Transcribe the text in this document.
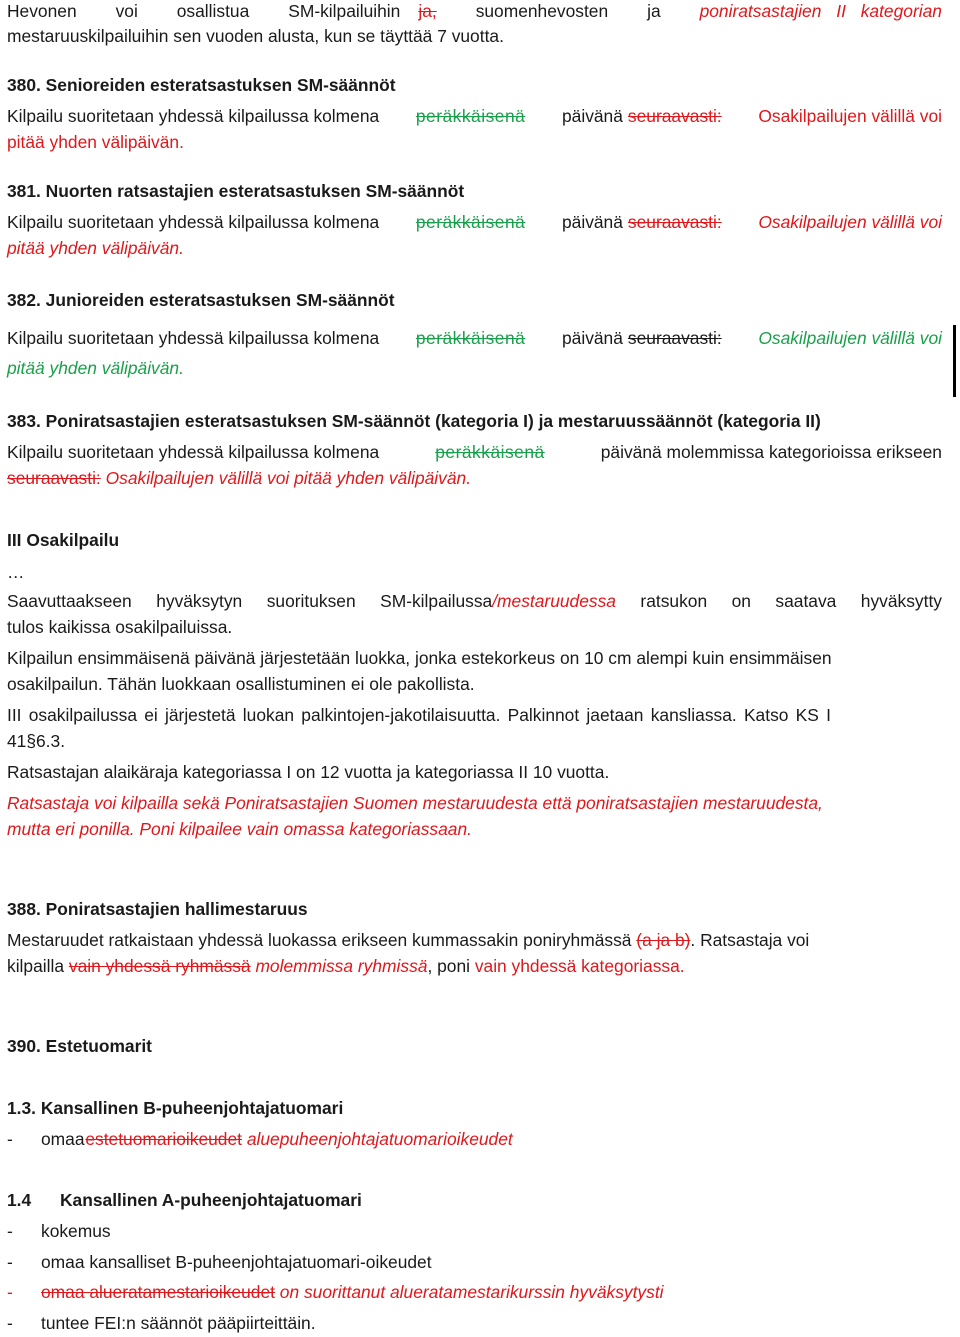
Hevonen voi osallistua SM-kilpailuihin ja, suomenhevosten ja poniratsastajien II kategorian
mestaruuskilpailuihin sen vuoden alusta, kun se täyttää 7 vuotta.
380. Senioreiden esteratsastuksen SM-säännöt
Kilpailu suoritetaan yhdessä kilpailussa kolmena peräkkäisenä päivänä seuraavasti: Osakilpailujen välillä voi
pitää yhden välipäivän.
381. Nuorten ratsastajien esteratsastuksen SM-säännöt
Kilpailu suoritetaan yhdessä kilpailussa kolmena peräkkäisenä päivänä seuraavasti: Osakilpailujen välillä voi
pitää yhden välipäivän.
382. Junioreiden esteratsastuksen SM-säännöt
Kilpailu suoritetaan yhdessä kilpailussa kolmena peräkkäisenä päivänä seuraavasti: Osakilpailujen välillä voi
pitää yhden välipäivän.
383. Poniratsastajien esteratsastuksen SM-säännöt (kategoria I) ja mestaruussäännöt (kategoria II)
Kilpailu suoritetaan yhdessä kilpailussa kolmena	peräkkäisenä	päivänä molemmissa kategorioissa erikseen
seuraavasti: Osakilpailujen välillä voi pitää yhden välipäivän.
III Osakilpailu
…
Saavuttaakseen hyväksytyn suorituksen SM-kilpailussa/mestaruudessa ratsukon on saatava hyväksytty
tulos kaikissa osakilpailuissa.
Kilpailun ensimmäisenä päivänä järjestetään luokka, jonka estekorkeus on 10 cm alempi kuin ensimmäisen
osakilpailun. Tähän luokkaan osallistuminen ei ole pakollista.
III osakilpailussa ei järjestetä luokan palkintojen-jakotilaisuutta. Palkinnot jaetaan kansliassa. Katso KS I
41§6.3.
Ratsastajan alaikäraja kategoriassa I on 12 vuotta ja kategoriassa II 10 vuotta.
Ratsastaja voi kilpailla sekä Poniratsastajien Suomen mestaruudesta että poniratsastajien mestaruudesta,
mutta eri ponilla. Poni kilpailee vain omassa kategoriassaan.
388. Poniratsastajien hallimestaruus
Mestaruudet ratkaistaan yhdessä luokassa erikseen kummassakin poniryhmässä (a ja b). Ratsastaja voi
kilpailla vain yhdessä ryhmässä molemmissa ryhmissä, poni vain yhdessä kategoriassa.
390. Estetuomarit
1.3. Kansallinen B-puheenjohtajatuomari
- omaa estetuomarioikeudet aluepuheenjohtajatuomarioikeudet
1.4 Kansallinen A-puheenjohtajatuomari
- kokemus
- omaa kansalliset B-puheenjohtajatuomari-oikeudet
- omaa alueratamestarioikeudet on suorittanut alueratamestarikurssin hyväksytysti
- tuntee FEI:n säännöt pääpiirteittäin.
